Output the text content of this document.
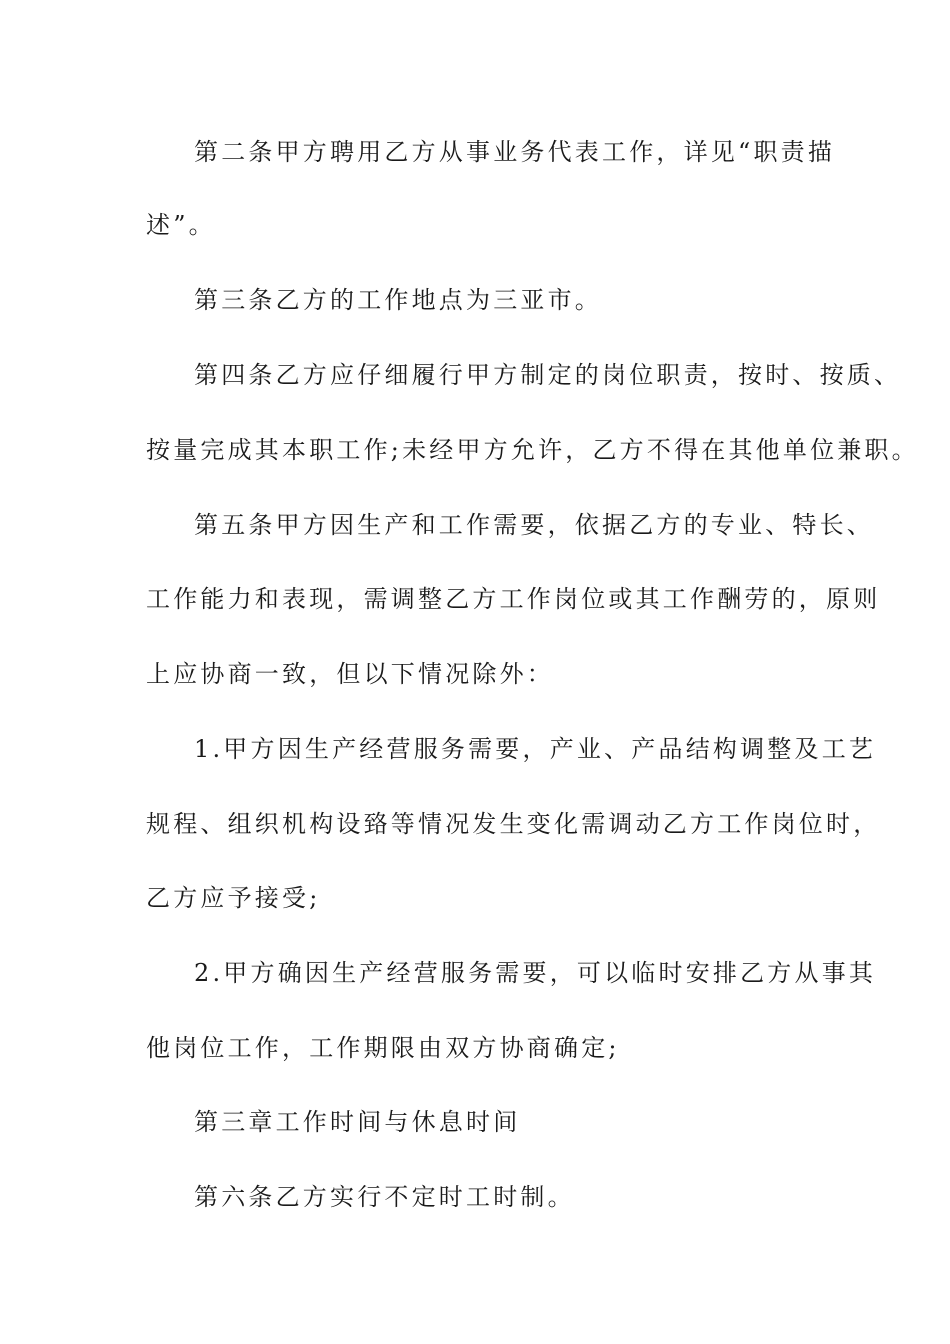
第二条甲方聘用乙方从事业务代表工作，详见“职责描
述”。
第三条乙方的工作地点为三亚市。
第四条乙方应仔细履行甲方制定的岗位职责，按时、按质、
按量完成其本职工作;未经甲方允许，乙方不得在其他单位兼职。
第五条甲方因生产和工作需要，依据乙方的专业、特长、
工作能力和表现，需调整乙方工作岗位或其工作酬劳的，原则
上应协商一致，但以下情况除外：
1.甲方因生产经营服务需要，产业、产品结构调整及工艺
规程、组织机构设臵等情况发生变化需调动乙方工作岗位时，
乙方应予接受;
2.甲方确因生产经营服务需要，可以临时安排乙方从事其
他岗位工作，工作期限由双方协商确定;
第三章工作时间与休息时间
第六条乙方实行不定时工时制。
